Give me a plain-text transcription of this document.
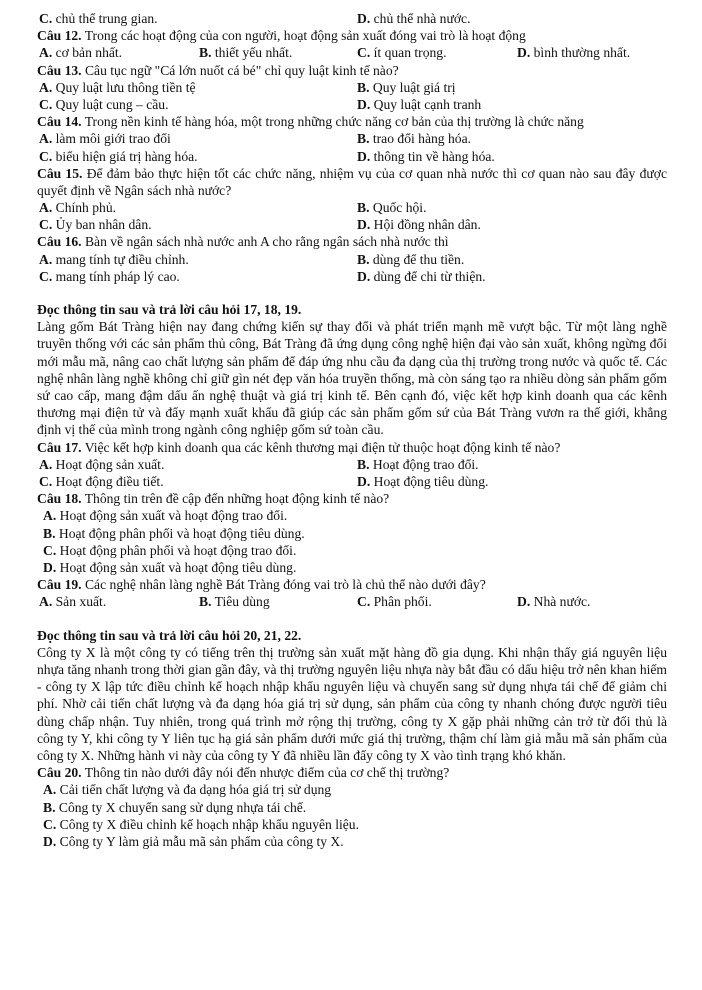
C. chủ thể trung gian.	D. chủ thể nhà nước.
Câu 12. Trong các hoạt động của con người, hoạt động sản xuất đóng vai trò là hoạt động
A. cơ bản nhất.	B. thiết yếu nhất.	C. ít quan trọng.	D. bình thường nhất.
Câu 13. Câu tục ngữ "Cá lớn nuốt cá bé" chỉ quy luật kinh tế nào?
A. Quy luật lưu thông tiền tệ	B. Quy luật giá trị
C. Quy luật cung – cầu.	D. Quy luật cạnh tranh
Câu 14. Trong nền kinh tế hàng hóa, một trong những chức năng cơ bản của thị trường là chức năng
A. làm môi giới trao đổi	B. trao đổi hàng hóa.
C. biểu hiện giá trị hàng hóa.	D. thông tin về hàng hóa.
Câu 15. Để đảm bảo thực hiện tốt các chức năng, nhiệm vụ của cơ quan nhà nước thì cơ quan nào sau đây được quyết định về Ngân sách nhà nước?
A. Chính phủ.	B. Quốc hội.
C. Ủy ban nhân dân.	D. Hội đồng nhân dân.
Câu 16. Bàn về ngân sách nhà nước anh A cho rằng ngân sách nhà nước thì
A. mang tính tự điều chỉnh.	B. dùng để thu tiền.
C. mang tính pháp lý cao.	D. dùng để chi từ thiện.
Đọc thông tin sau và trả lời câu hỏi 17, 18, 19.
Làng gốm Bát Tràng hiện nay đang chứng kiến sự thay đổi và phát triển mạnh mẽ vượt bậc. Từ một làng nghề truyền thống với các sản phẩm thủ công, Bát Tràng đã ứng dụng công nghệ hiện đại vào sản xuất, không ngừng đổi mới mẫu mã, nâng cao chất lượng sản phẩm để đáp ứng nhu cầu đa dạng của thị trường trong nước và quốc tế. Các nghệ nhân làng nghề không chỉ giữ gìn nét đẹp văn hóa truyền thống, mà còn sáng tạo ra nhiều dòng sản phẩm gốm sứ cao cấp, mang đậm dấu ấn nghệ thuật và giá trị kinh tế. Bên cạnh đó, việc kết hợp kinh doanh qua các kênh thương mại điện tử và đẩy mạnh xuất khẩu đã giúp các sản phẩm gốm sứ của Bát Tràng vươn ra thế giới, khẳng định vị thế của mình trong ngành công nghiệp gốm sứ toàn cầu.
Câu 17. Việc kết hợp kinh doanh qua các kênh thương mại điện tử thuộc hoạt động kinh tế nào?
A. Hoạt động sản xuất.	B. Hoạt động trao đổi.
C. Hoạt động điều tiết.	D. Hoạt động tiêu dùng.
Câu 18. Thông tin trên đề cập đến những hoạt động kinh tế nào?
A. Hoạt động sản xuất và hoạt động trao đổi.
B. Hoạt động phân phối và hoạt động tiêu dùng.
C. Hoạt động phân phối và hoạt động trao đổi.
D. Hoạt động sản xuất và hoạt động tiêu dùng.
Câu 19. Các nghệ nhân làng nghề Bát Tràng đóng vai trò là chủ thể nào dưới đây?
A. Sản xuất.	B. Tiêu dùng	C. Phân phối.	D. Nhà nước.
Đọc thông tin sau và trả lời câu hỏi 20, 21, 22.
Công ty X là một công ty có tiếng trên thị trường sản xuất mặt hàng đồ gia dụng. Khi nhận thấy giá nguyên liệu nhựa tăng nhanh trong thời gian gần đây, và thị trường nguyên liệu nhựa này bắt đầu có dấu hiệu trở nên khan hiếm - công ty X lập tức điều chỉnh kế hoạch nhập khẩu nguyên liệu và chuyển sang sử dụng nhựa tái chế để giảm chi phí. Nhờ cải tiến chất lượng và đa dạng hóa giá trị sử dụng, sản phẩm của công ty nhanh chóng được người tiêu dùng chấp nhận. Tuy nhiên, trong quá trình mở rộng thị trường, công ty X gặp phải những cản trở từ đối thủ là công ty Y, khi công ty Y liên tục hạ giá sản phẩm dưới mức giá thị trường, thậm chí làm giả mẫu mã sản phẩm của công ty X. Những hành vi này của công ty Y đã nhiều lần đẩy công ty X vào tình trạng khó khăn.
Câu 20. Thông tin nào dưới đây nói đến nhược điểm của cơ chế thị trường?
A. Cải tiến chất lượng và đa dạng hóa giá trị sử dụng
B. Công ty X chuyển sang sử dụng nhựa tái chế.
C. Công ty X điều chỉnh kế hoạch nhập khẩu nguyên liệu.
D. Công ty Y làm giả mẫu mã sản phẩm của công ty X.
